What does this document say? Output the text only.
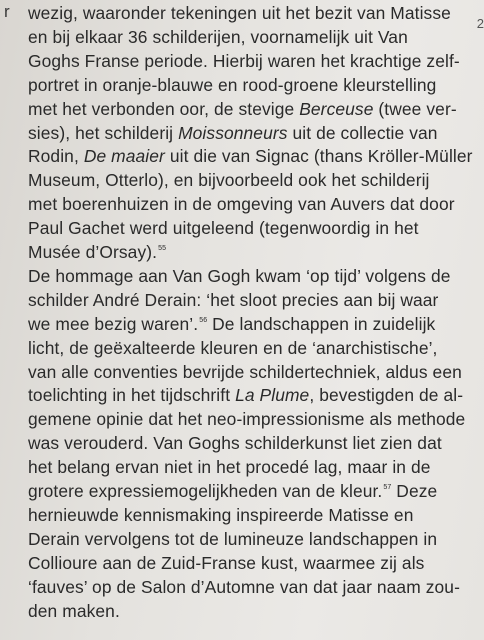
r
2
wezig, waaronder tekeningen uit het bezit van Matisse
en bij elkaar 36 schilderijen, voornamelijk uit Van
Goghs Franse periode. Hierbij waren het krachtige zelf-
portret in oranje-blauwe en rood-groene kleurstelling
met het verbonden oor, de stevige Berceuse (twee ver-
sies), het schilderij Moissonneurs uit de collectie van
Rodin, De maaier uit die van Signac (thans Kröller-Müller
Museum, Otterlo), en bijvoorbeeld ook het schilderij
met boerenhuizen in de omgeving van Auvers dat door
Paul Gachet werd uitgeleend (tegenwoordig in het
Musée d’Orsay).$^{55}$
De hommage aan Van Gogh kwam ‘op tijd’ volgens de
schilder André Derain: ‘het sloot precies aan bij waar
we mee bezig waren’.$^{56}$ De landschappen in zuidelijk
licht, de geëxalteerde kleuren en de ‘anarchistische’,
van alle conventies bevrijde schildertechniek, aldus een
toelichting in het tijdschrift La Plume, bevestigden de al-
gemene opinie dat het neo-impressionisme als methode
was verouderd. Van Goghs schilderkunst liet zien dat
het belang ervan niet in het procedé lag, maar in de
grotere expressiemogelijkheden van de kleur.$^{57}$ Deze
hernieuwde kennismaking inspireerde Matisse en
Derain vervolgens tot de lumineuze landschappen in
Collioure aan de Zuid-Franse kust, waarmee zij als
‘fauves’ op de Salon d’Automne van dat jaar naam zou-
den maken.
